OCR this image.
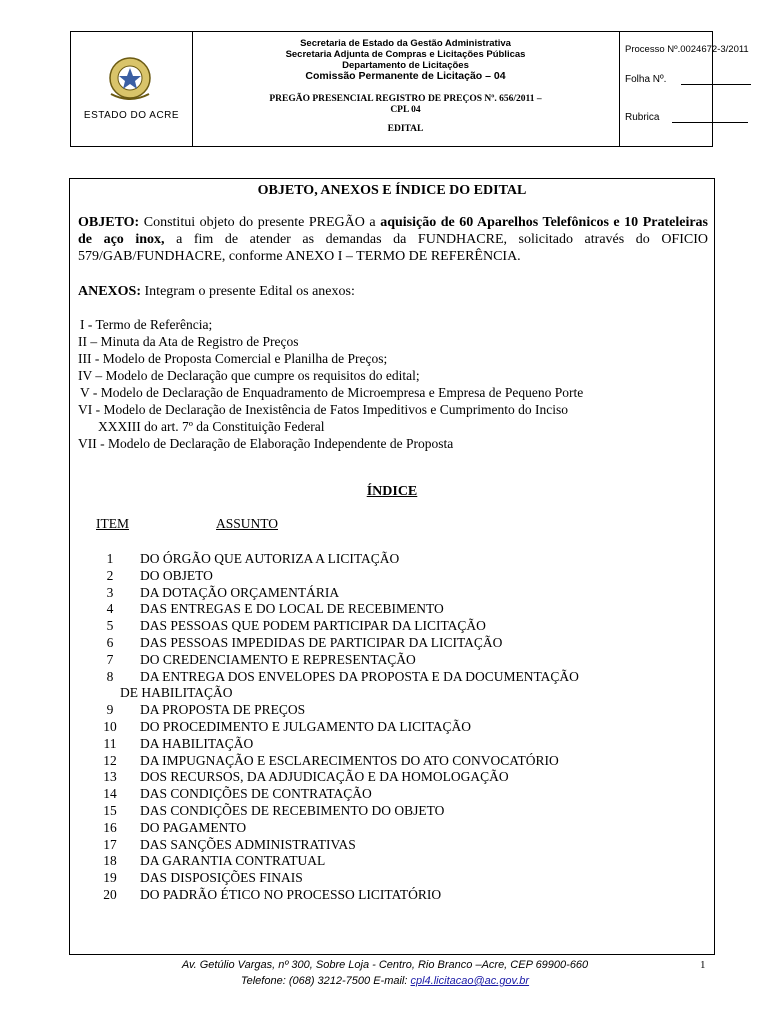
ESTADO DO ACRE
Secretaria de Estado da Gestão Administrativa
Secretaria Adjunta de Compras e Licitações Públicas
Departamento de Licitações
Comissão Permanente de Licitação – 04
PREGÃO PRESENCIAL REGISTRO DE PREÇOS Nº. 656/2011 –
CPL 04
EDITAL
Processo Nº.0024672-3/2011
Folha Nº.
Rubrica
OBJETO, ANEXOS E ÍNDICE DO EDITAL
OBJETO: Constitui objeto do presente PREGÃO a aquisição de 60 Aparelhos Telefônicos e 10 Prateleiras de aço inox, a fim de atender as demandas da FUNDHACRE, solicitado através do OFICIO 579/GAB/FUNDHACRE, conforme ANEXO I – TERMO DE REFERÊNCIA.
ANEXOS: Integram o presente Edital os anexos:
I - Termo de Referência;
II – Minuta da Ata de Registro de Preços
III - Modelo de Proposta Comercial e Planilha de Preços;
IV – Modelo de Declaração que cumpre os requisitos do edital;
V - Modelo de Declaração de Enquadramento de Microempresa e Empresa de Pequeno Porte
VI - Modelo de Declaração de Inexistência de Fatos Impeditivos e Cumprimento do Inciso
XXXIII do art. 7º da Constituição Federal
VII - Modelo de Declaração de Elaboração Independente de Proposta
ÍNDICE
ITEM	ASSUNTO
1 DO ÓRGÃO QUE AUTORIZA A LICITAÇÃO
2 DO OBJETO
3 DA DOTAÇÃO ORÇAMENTÁRIA
4 DAS ENTREGAS E DO LOCAL DE RECEBIMENTO
5 DAS PESSOAS QUE PODEM PARTICIPAR DA LICITAÇÃO
6 DAS PESSOAS IMPEDIDAS DE PARTICIPAR DA LICITAÇÃO
7 DO CREDENCIAMENTO E REPRESENTAÇÃO
8 DA ENTREGA DOS ENVELOPES DA PROPOSTA E DA DOCUMENTAÇÃO
DE HABILITAÇÃO
9 DA PROPOSTA DE PREÇOS
10 DO PROCEDIMENTO E JULGAMENTO DA LICITAÇÃO
11 DA HABILITAÇÃO
12 DA IMPUGNAÇÃO E ESCLARECIMENTOS DO ATO CONVOCATÓRIO
13 DOS RECURSOS, DA ADJUDICAÇÃO E DA HOMOLOGAÇÃO
14 DAS CONDIÇÕES DE CONTRATAÇÃO
15 DAS CONDIÇÕES DE RECEBIMENTO DO OBJETO
16 DO PAGAMENTO
17 DAS SANÇÕES ADMINISTRATIVAS
18 DA GARANTIA CONTRATUAL
19 DAS DISPOSIÇÕES FINAIS
20 DO PADRÃO ÉTICO NO PROCESSO LICITATÓRIO
Av. Getúlio Vargas, nº 300, Sobre Loja - Centro, Rio Branco –Acre, CEP 69900-660
Telefone: (068) 3212-7500 E-mail: cpl4.licitacao@ac.gov.br
1
